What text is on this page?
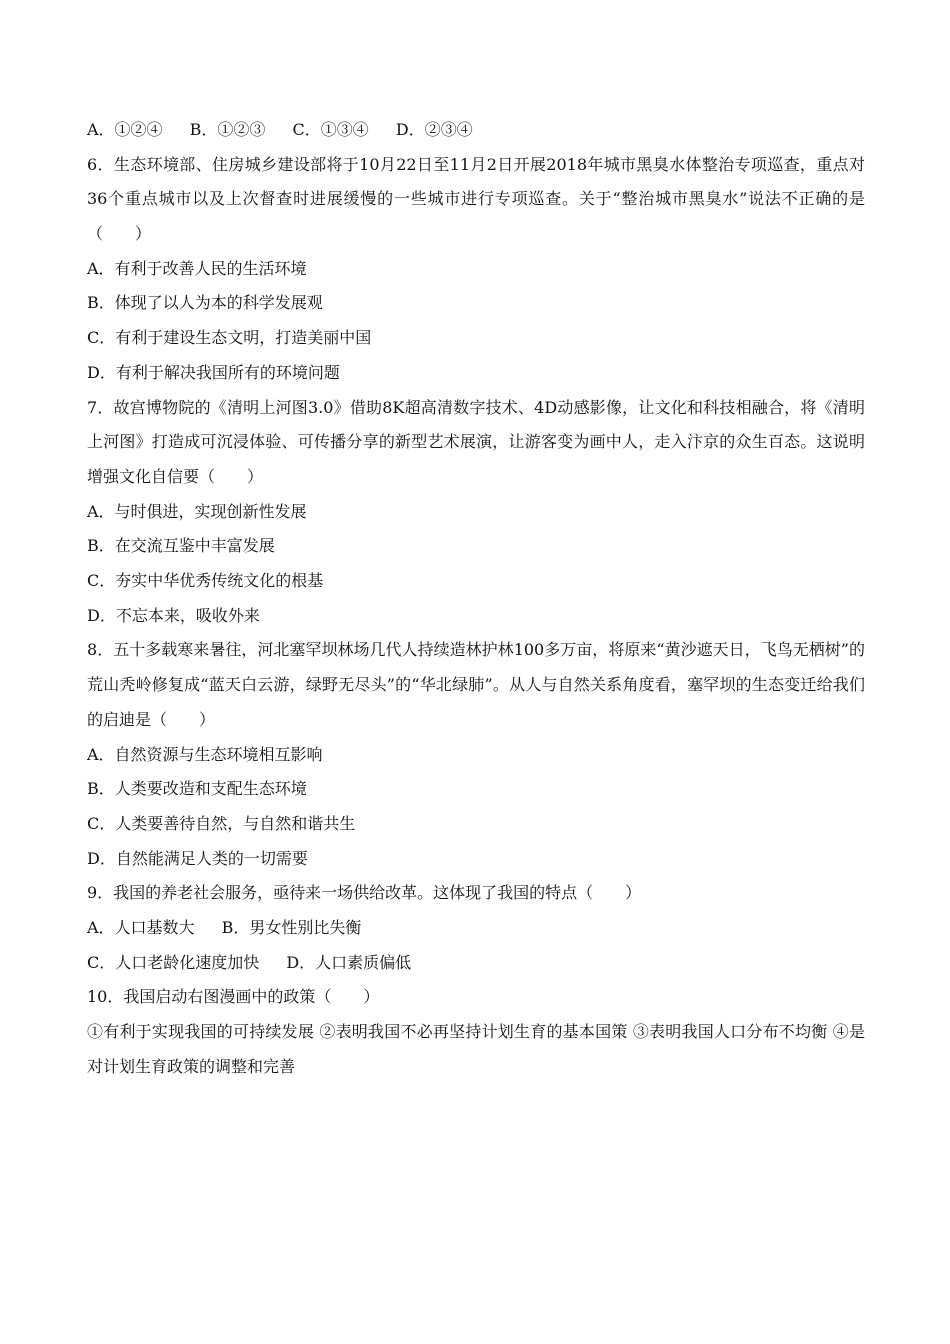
A．①②④ B．①②③ C．①③④ D．②③④

6．生态环境部、住房城乡建设部将于10月22日至11月2日开展2018年城市黑臭水体整治专项巡查，重点对36个重点城市以及上次督查时进展缓慢的一些城市进行专项巡查。关于“整治城市黑臭水”说法不正确的是（　　）

A．有利于改善人民的生活环境
B．体现了以人为本的科学发展观
C．有利于建设生态文明，打造美丽中国
D．有利于解决我国所有的环境问题

7．故宫博物院的《清明上河图3.0》借助8K超高清数字技术、4D动感影像，让文化和科技相融合，将《清明上河图》打造成可沉浸体验、可传播分享的新型艺术展演，让游客变为画中人，走入汴京的众生百态。这说明增强文化自信要（　　）

A．与时俱进，实现创新性发展
B．在交流互鉴中丰富发展
C．夯实中华优秀传统文化的根基
D．不忘本来，吸收外来

8．五十多载寒来暑往，河北塞罕坝林场几代人持续造林护林100多万亩，将原来“黄沙遮天日，飞鸟无栖树”的荒山秃岭修复成“蓝天白云游，绿野无尽头”的“华北绿肺”。从人与自然关系角度看，塞罕坝的生态变迁给我们的启迪是（　　）

A．自然资源与生态环境相互影响
B．人类要改造和支配生态环境
C．人类要善待自然，与自然和谐共生
D．自然能满足人类的一切需要
9．我国的养老社会服务，亟待来一场供给改革。这体现了我国的特点（　　）
A．人口基数大 B．男女性别比失衡
C．人口老龄化速度加快 D．人口素质偏低
10．我国启动右图漫画中的政策（　　）

①有利于实现我国的可持续发展 ②表明我国不必再坚持计划生育的基本国策 ③表明我国人口分布不均衡 ④是对计划生育政策的调整和完善
